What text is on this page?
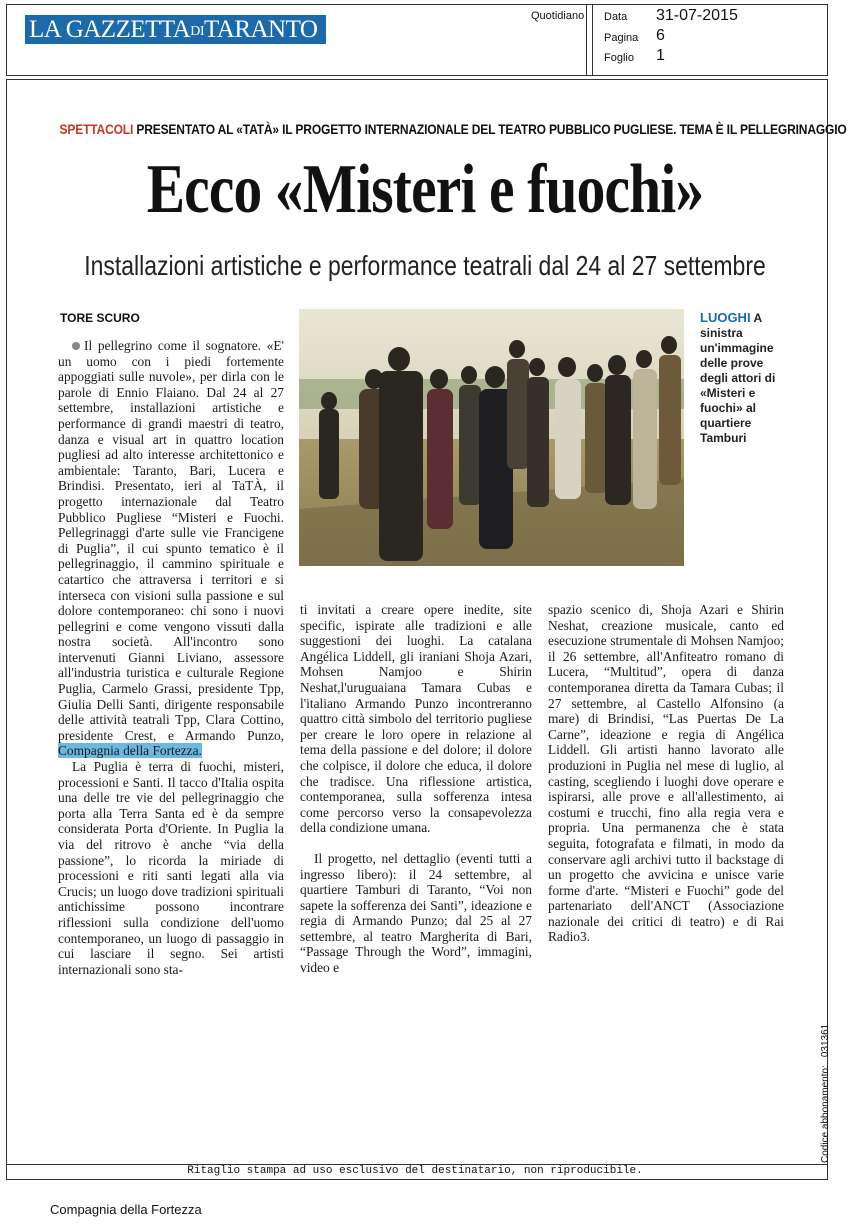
LA GAZZETTADITARANTO	Quotidiano Data 31-07-2015
Pagina 6
Foglio 1
SPETTACOLI PRESENTATO AL «TATÀ» IL PROGETTO INTERNAZIONALE DEL TEATRO PUBBLICO PUGLIESE. TEMA È IL PELLEGRINAGGIO
Ecco «Misteri e fuochi»
Installazioni artistiche e performance teatrali dal 24 al 27 settembre
TORE SCURO

Il pellegrino come il sognatore. «E' un uomo con i piedi fortemente appoggiati sulle nuvole», per dirla con le parole di Ennio Flaiano. Dal 24 al 27 settembre, installazioni artistiche e performance di grandi maestri di teatro, danza e visual art in quattro location pugliesi ad alto interesse architettonico e ambientale: Taranto, Bari, Lucera e Brindisi. Presentato, ieri al TaTÀ, il progetto internazionale dal Teatro Pubblico Pugliese “Misteri e Fuochi. Pellegrinaggi d'arte sulle vie Francigene di Puglia”, il cui spunto tematico è il pellegrinaggio, il cammino spirituale e catartico che attraversa i territori e si interseca con visioni sulla passione e sul dolore contemporaneo: chi sono i nuovi pellegrini e come vengono vissuti dalla nostra società. All'incontro sono intervenuti Gianni Liviano, assessore all'industria turistica e culturale Regione Puglia, Carmelo Grassi, presidente Tpp, Giulia Delli Santi, dirigente responsabile delle attività teatrali Tpp, Clara Cottino, presidente Crest, e Armando Punzo, Compagnia della Fortezza.

La Puglia è terra di fuochi, misteri, processioni e Santi. Il tacco d'Italia ospita una delle tre vie del pellegrinaggio che porta alla Terra Santa ed è da sempre considerata Porta d'Oriente. In Puglia la via del ritrovo è anche “via della passione”, lo ricorda la miriade di processioni e riti santi legati alla via Crucis; un luogo dove tradizioni spirituali antichissime possono incontrare riflessioni sulla condizione dell'uomo contemporaneo, un luogo di passaggio in cui lasciare il segno. Sei artisti internazionali sono sta-

LUOGHI A sinistra un'immagine delle prove degli attori di «Misteri e fuochi» al quartiere Tamburi

ti invitati a creare opere inedite, site specific, ispirate alle tradizioni e alle suggestioni dei luoghi. La catalana Angélica Liddell, gli iraniani Shoja Azari, Mohsen Namjoo e Shirin Neshat,l'uruguaiana Tamara Cubas e l'italiano Armando Punzo incontreranno quattro città simbolo del territorio pugliese per creare le loro opere in relazione al tema della passione e del dolore; il dolore che colpisce, il dolore che educa, il dolore che tradisce. Una riflessione artistica, contemporanea, sulla sofferenza intesa come percorso verso la consapevolezza della condizione umana.

Il progetto, nel dettaglio (eventi tutti a ingresso libero): il 24 settembre, al quartiere Tamburi di Taranto, “Voi non sapete la sofferenza dei Santi”, ideazione e regia di Armando Punzo; dal 25 al 27 settembre, al teatro Margherita di Bari, “Passage Through the Word”, immagini, video e

spazio scenico di, Shoja Azari e Shirin Neshat, creazione musicale, canto ed esecuzione strumentale di Mohsen Namjoo; il 26 settembre, all'Anfiteatro romano di Lucera, “Multitud”, opera di danza contemporanea diretta da Tamara Cubas; il 27 settembre, al Castello Alfonsino (a mare) di Brindisi, “Las Puertas De La Carne”, ideazione e regia di Angélica Liddell. Gli artisti hanno lavorato alle produzioni in Puglia nel mese di luglio, al casting, scegliendo i luoghi dove operare e ispirarsi, alle prove e all'allestimento, ai costumi e trucchi, fino alla regia vera e propria. Una permanenza che è stata seguita, fotografata e filmati, in modo da conservare agli archivi tutto il backstage di un progetto che avvicina e unisce varie forme d'arte. “Misteri e Fuochi” gode del partenariato dell'ANCT (Associazione nazionale dei critici di teatro) e di Rai Radio3.

Ritaglio stampa ad uso esclusivo del destinatario, non riproducibile.
Codice abbonamento:031361
Compagnia della Fortezza
